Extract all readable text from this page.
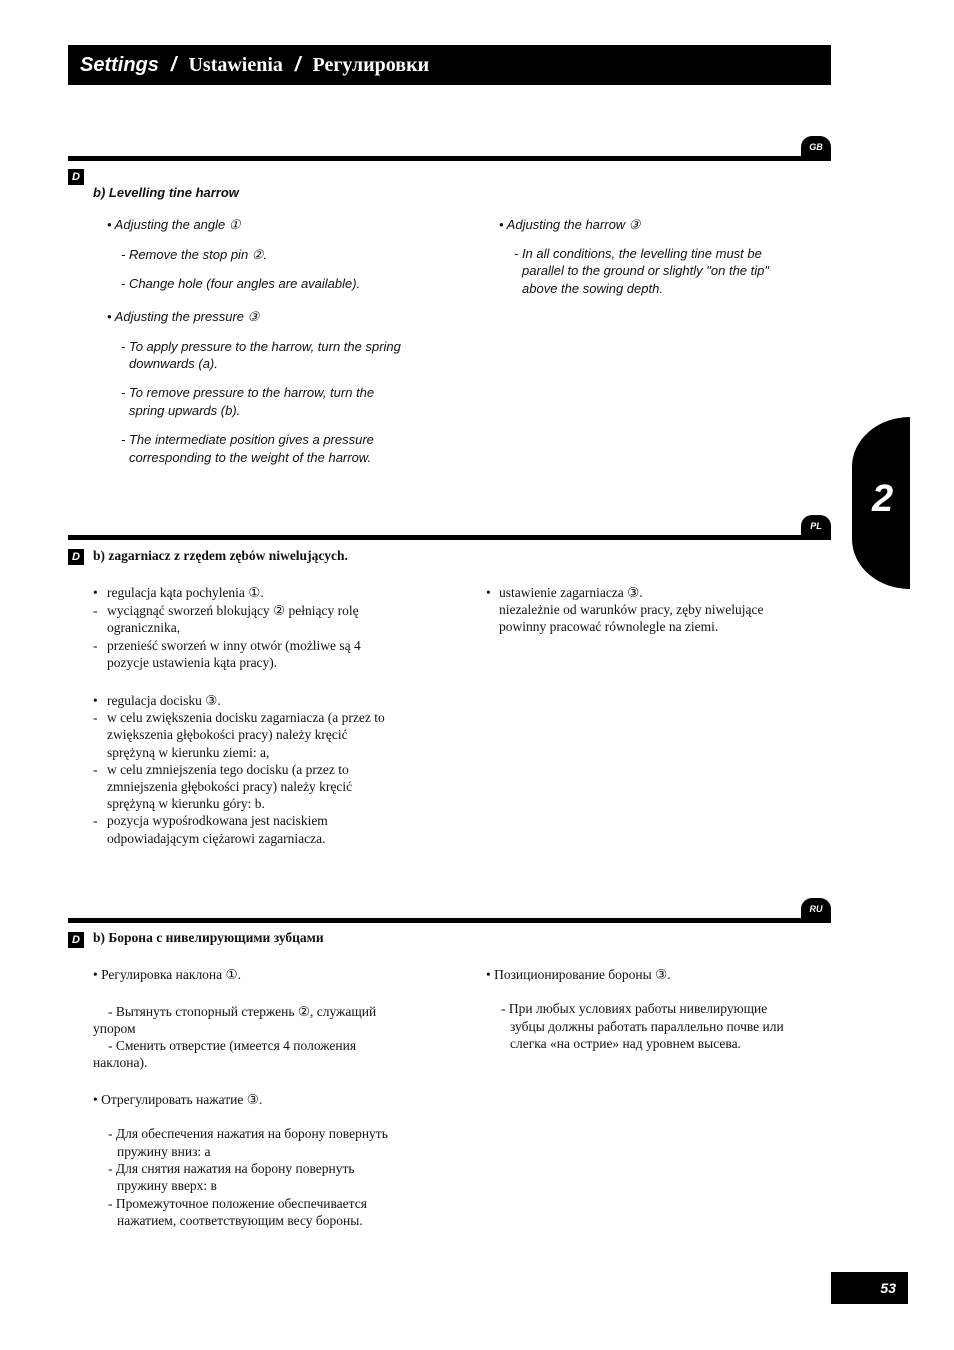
Settings / Ustawienia / Регулировки
GB
D
b) Levelling tine harrow
• Adjusting the angle ①
- Remove the stop pin ②.
- Change hole (four angles are available).
• Adjusting the pressure ③
- To apply pressure to the harrow, turn the spring
downwards (a).
- To remove pressure to the harrow, turn the
spring upwards (b).
- The intermediate position gives a pressure
corresponding to the weight of the harrow.
• Adjusting the harrow ③
- In all conditions, the levelling tine must be
parallel to the ground or slightly "on the tip"
above the sowing depth.
2
PL
D b) zagarniacz z rzędem zębów niwelujących.
• regulacja kąta pochylenia ①.
- wyciągnąć sworzeń blokujący ② pełniący rolę
ogranicznika,
- przenieść sworzeń w inny otwór (możliwe są 4
pozycje ustawienia kąta pracy).
• regulacja docisku ③.
- w celu zwiększenia docisku zagarniacza (a przez to
zwiększenia głębokości pracy) należy kręcić
sprężyną w kierunku ziemi: a,
- w celu zmniejszenia tego docisku (a przez to
zmniejszenia głębokości pracy) należy kręcić
sprężyną w kierunku góry: b.
- pozycja wypośrodkowana jest naciskiem
odpowiadającym ciężarowi zagarniacza.
• ustawienie zagarniacza ③.
niezależnie od warunków pracy, zęby niwelujące
powinny pracować równolegle na ziemi.
RU
D b) Борона с нивелирующими зубцами
• Регулировка наклона ①.
- Вытянуть стопорный стержень ②, служащий
упором
- Сменить отверстие (имеется 4 положения
наклона).
• Отрегулировать нажатие ③.
- Для обеспечения нажатия на борону повернуть
пружину вниз: а
- Для снятия нажатия на борону повернуть
пружину вверх: в
- Промежуточное положение обеспечивается
нажатием, соответствующим весу бороны.
• Позиционирование бороны ③.
- При любых условиях работы нивелирующие
зубцы должны работать параллельно почве или
слегка «на острие» над уровнем высева.
53
